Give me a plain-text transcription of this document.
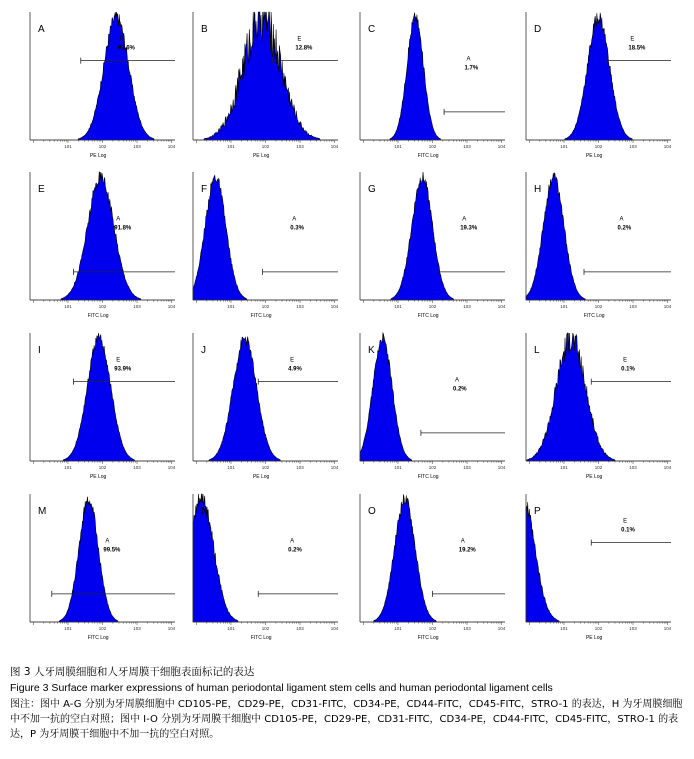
101	102	103	104
E
93.6%
A
PE Log
101	102	103	104
E
12.8%
B
PE Log
101	102	103	104
A
1.7%
C
FITC Log
101	102	103	104
E
18.5%
D
PE Log
101	102	103	104
A
91.8%
E
FITC Log
101	102	103	104
A
0.3%
F
FITC Log
101	102	103	104
A
19.3%
G
FITC Log
101	102	103	104
A
0.2%
H
FITC Log
101	102	103	104
E
93.9%
I
PE Log
101	102	103	104
E
4.9%
J
PE Log
101	102	103	104
A
0.2%
K
FITC Log
101	102	103	104
E
0.1%
L
PE Log
101	102	103	104
A
99.5%
M
FITC Log
101	102	103	104
A
0.2%
N
FITC Log
101	102	103	104
A
19.2%
O
FITC Log
101	102	103	104
E
0.1%
P
PE Log
图 3 人牙周膜细胞和人牙周膜干细胞表面标记的表达
Figure 3 Surface marker expressions of human periodontal ligament stem cells and human periodontal ligament cells
图注：图中 A-G 分别为牙周膜细胞中 CD105-PE，CD29-PE，CD31-FITC，CD34-PE，CD44-FITC，CD45-FITC，STRO-1 的表达，H 为牙周膜细胞中不加一抗的空白对照；图中 I-O 分别为牙周膜干细胞中 CD105-PE，CD29-PE，CD31-FITC，CD34-PE，CD44-FITC，CD45-FITC，STRO-1 的表达，P 为牙周膜干细胞中不加一抗的空白对照。
